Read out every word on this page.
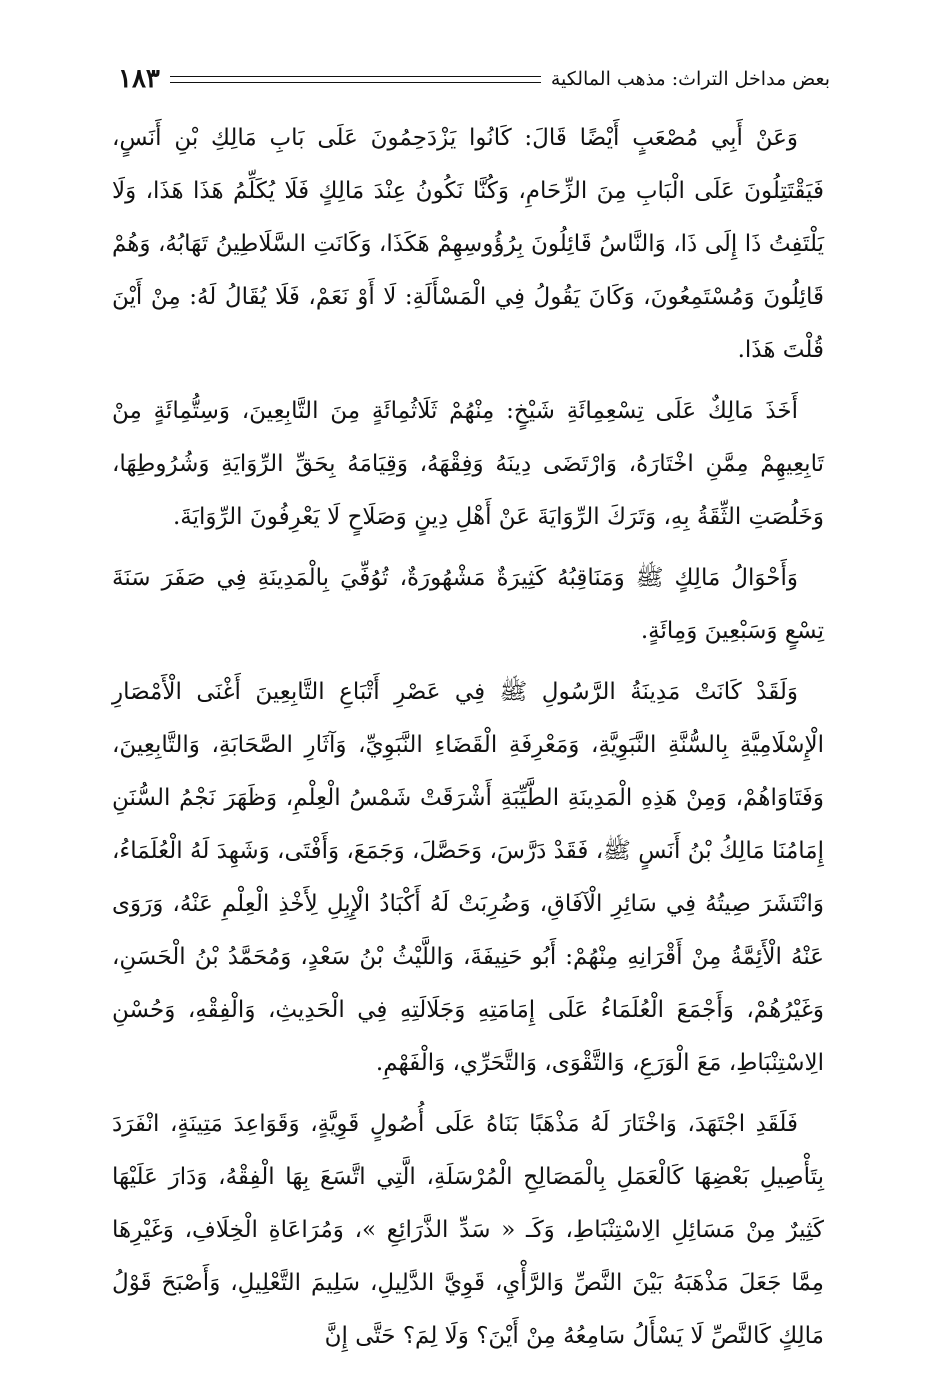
بعض مداخل التراث: مذهب المالكية
١٨٣

وَعَنْ أَبِي مُصْعَبٍ أَيْضًا قَالَ: كَانُوا يَزْدَحِمُونَ عَلَى بَابِ مَالِكِ بْنِ أَنَسٍ، فَيَقْتَتِلُونَ عَلَى الْبَابِ مِنَ الزِّحَامِ، وَكُنَّا نَكُونُ عِنْدَ مَالِكٍ فَلَا يُكَلِّمُ هَذَا هَذَا، وَلَا يَلْتَفِتُ ذَا إِلَى ذَا، وَالنَّاسُ قَائِلُونَ بِرُؤُوسِهِمْ هَكَذَا، وَكَانَتِ السَّلَاطِينُ تَهَابُهُ، وَهُمْ قَائِلُونَ وَمُسْتَمِعُونَ، وَكَانَ يَقُولُ فِي الْمَسْأَلَةِ: لَا أَوْ نَعَمْ، فَلَا يُقَالُ لَهُ: مِنْ أَيْنَ قُلْتَ هَذَا.

أَخَذَ مَالِكٌ عَلَى تِسْعِمِائَةِ شَيْخٍ: مِنْهُمْ ثَلَاثُمِائَةٍ مِنَ التَّابِعِينَ، وَسِتُّمِائَةٍ مِنْ تَابِعِيهِمْ مِمَّنِ اخْتَارَهُ، وَارْتَضَى دِينَهُ وَفِقْهَهُ، وَقِيَامَهُ بِحَقِّ الرِّوَايَةِ وَشُرُوطِهَا، وَخَلُصَتِ الثِّقَةُ بِهِ، وَتَرَكَ الرِّوَايَةَ عَنْ أَهْلِ دِينٍ وَصَلَاحٍ لَا يَعْرِفُونَ الرِّوَايَةَ.

وَأَحْوَالُ مَالِكٍ ﷺ وَمَنَاقِبُهُ كَثِيرَةٌ مَشْهُورَةٌ، تُوُفِّيَ بِالْمَدِينَةِ فِي صَفَرَ سَنَةَ تِسْعٍ وَسَبْعِينَ وَمِائَةٍ.

وَلَقَدْ كَانَتْ مَدِينَةُ الرَّسُولِ ﷺ فِي عَصْرِ أَتْبَاعِ التَّابِعِينَ أَغْنَى الْأَمْصَارِ الْإِسْلَامِيَّةِ بِالسُّنَّةِ النَّبَوِيَّةِ، وَمَعْرِفَةِ الْقَضَاءِ النَّبَوِيِّ، وَآثَارِ الصَّحَابَةِ، وَالتَّابِعِينَ، وَفَتَاوَاهُمْ، وَمِنْ هَذِهِ الْمَدِينَةِ الطَّيِّبَةِ أَشْرَقَتْ شَمْسُ الْعِلْمِ، وَظَهَرَ نَجْمُ السُّنَنِ إِمَامُنَا مَالِكُ بْنُ أَنَسٍ ﷺ، فَقَدْ دَرَّسَ، وَحَصَّلَ، وَجَمَعَ، وَأَفْتَى، وَشَهِدَ لَهُ الْعُلَمَاءُ، وَانْتَشَرَ صِيتُهُ فِي سَائِرِ الْآفَاقِ، وَضُرِبَتْ لَهُ أَكْبَادُ الْإِبِلِ لِأَخْذِ الْعِلْمِ عَنْهُ، وَرَوَى عَنْهُ الْأَئِمَّةُ مِنْ أَقْرَانِهِ مِنْهُمْ: أَبُو حَنِيفَةَ، وَاللَّيْثُ بْنُ سَعْدٍ، وَمُحَمَّدُ بْنُ الْحَسَنِ، وَغَيْرُهُمْ، وَأَجْمَعَ الْعُلَمَاءُ عَلَى إِمَامَتِهِ وَجَلَالَتِهِ فِي الْحَدِيثِ، وَالْفِقْهِ، وَحُسْنِ الِاسْتِنْبَاطِ، مَعَ الْوَرَعِ، وَالتَّقْوَى، وَالتَّحَرِّي، وَالْفَهْمِ.

فَلَقَدِ اجْتَهَدَ، وَاخْتَارَ لَهُ مَذْهَبًا بَنَاهُ عَلَى أُصُولٍ قَوِيَّةٍ، وَقَوَاعِدَ مَتِينَةٍ، انْفَرَدَ بِتَأْصِيلِ بَعْضِهَا كَالْعَمَلِ بِالْمَصَالِحِ الْمُرْسَلَةِ، الَّتِي اتَّسَعَ بِهَا الْفِقْهُ، وَدَارَ عَلَيْهَا كَثِيرٌ مِنْ مَسَائِلِ الِاسْتِنْبَاطِ، وَكَـ « سَدِّ الذَّرَائِعِ »، وَمُرَاعَاةِ الْخِلَافِ، وَغَيْرِهَا مِمَّا جَعَلَ مَذْهَبَهُ بَيْنَ النَّصِّ وَالرَّأْيِ، قَوِيَّ الدَّلِيلِ، سَلِيمَ التَّعْلِيلِ، وَأَصْبَحَ قَوْلُ مَالِكٍ كَالنَّصِّ لَا يَسْأَلُ سَامِعُهُ مِنْ أَيْنَ؟ وَلَا لِمَ؟ حَتَّى إِنَّ
